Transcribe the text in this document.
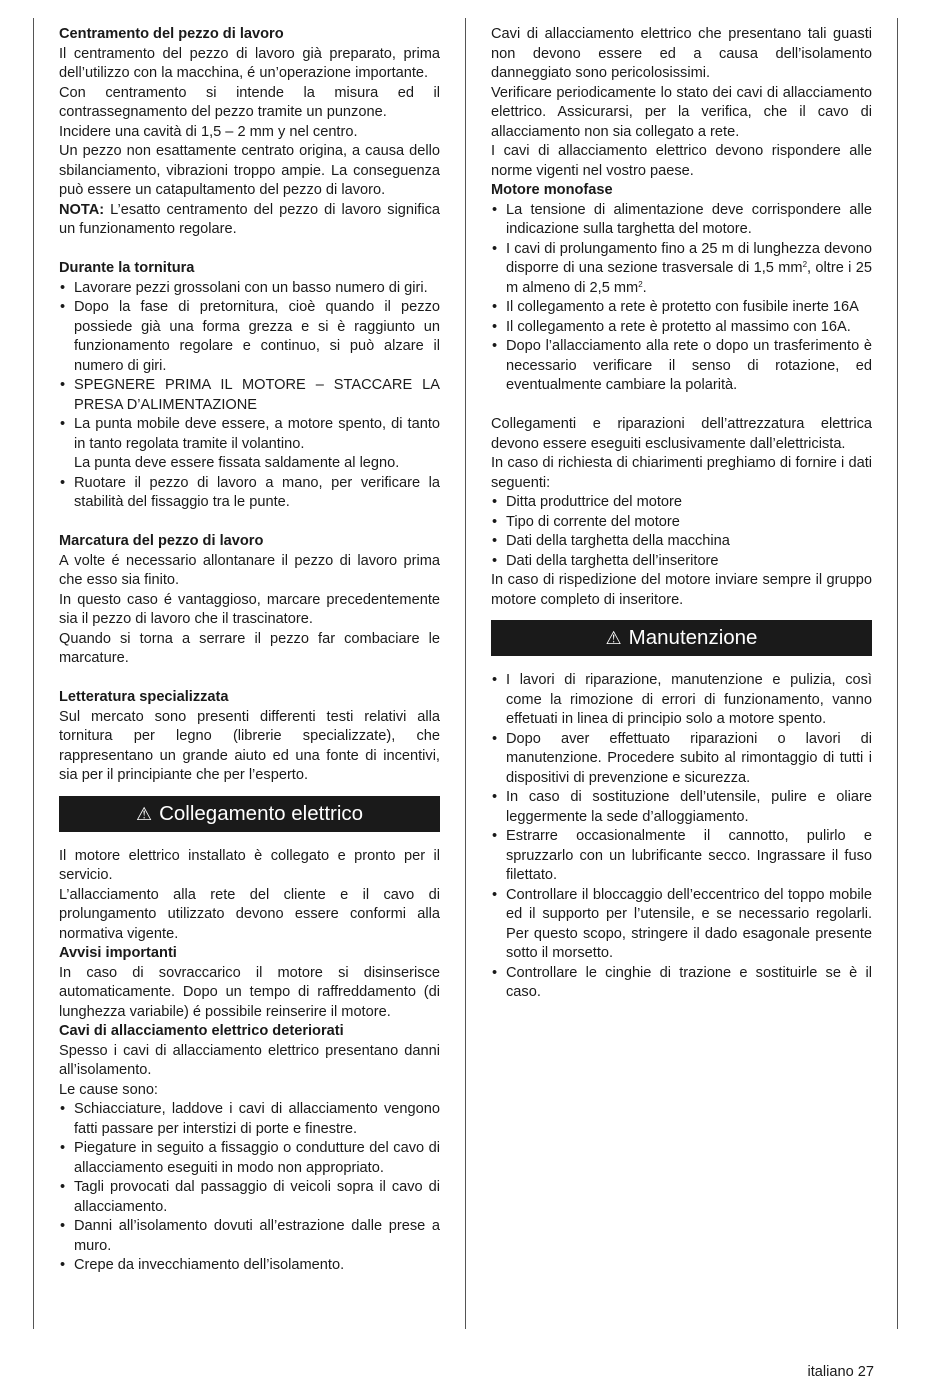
Centramento del pezzo di lavoro

Il centramento del pezzo di lavoro già preparato, prima dell’utilizzo con la macchina, é un’operazione importante.

Con centramento si intende la misura ed il contrassegnamento del pezzo tramite un punzone.

Incidere una cavità di 1,5 – 2 mm y nel centro.

Un pezzo non esattamente centrato origina, a causa dello sbilanciamento, vibrazioni troppo ampie. La conseguenza può essere un catapultamento del pezzo di lavoro.

NOTA: L’esatto centramento del pezzo di lavoro significa un funzionamento regolare.

Durante la tornitura
• Lavorare pezzi grossolani con un basso numero di giri.
• Dopo la fase di pretornitura, cioè quando il pezzo possiede già una forma grezza e si è raggiunto un funzionamento regolare e continuo, si può alzare il numero di giri.
• SPEGNERE PRIMA IL MOTORE – STACCARE LA PRESA D’ALIMENTAZIONE
• La punta mobile deve essere, a motore spento, di tanto in tanto regolata tramite il volantino.
La punta deve essere fissata saldamente al legno.
• Ruotare il pezzo di lavoro a mano, per verificare la stabilità del fissaggio tra le punte.
Marcatura del pezzo di lavoro

A volte é necessario allontanare il pezzo di lavoro prima che esso sia finito.

In questo caso é vantaggioso, marcare precedentemente sia il pezzo di lavoro che il trascinatore.

Quando si torna a serrare il pezzo far combaciare le marcature.

Letteratura specializzata

Sul mercato sono presenti differenti testi relativi alla tornitura per legno (librerie specializzate), che rappresentano un grande aiuto ed una fonte di incentivi, sia per il principiante che per l’esperto.

⚠ Collegamento elettrico

Il motore elettrico installato è collegato e pronto per il servicio.

L’allacciamento alla rete del cliente e il cavo di prolungamento utilizzato devono essere conformi alla normativa vigente.

Avvisi importanti

In caso di sovraccarico il motore si disinserisce automaticamente. Dopo un tempo di raffreddamento (di lunghezza variabile) é possibile reinserire il motore.

Cavi di allacciamento elettrico deteriorati

Spesso i cavi di allacciamento elettrico presentano danni all’isolamento.

Le cause sono:

• Schiacciature, laddove i cavi di allacciamento vengono fatti passare per interstizi di porte e finestre.
• Piegature in seguito a fissaggio o condutture del cavo di allacciamento eseguiti in modo non appropriato.
• Tagli provocati dal passaggio di veicoli sopra il cavo di allacciamento.
• Danni all’isolamento dovuti all’estrazione dalle prese a muro.
• Crepe da invecchiamento dell’isolamento.

Cavi di allacciamento elettrico che presentano tali guasti non devono essere ed a causa dell’isolamento danneggiato sono pericolosissimi.

Verificare periodicamente lo stato dei cavi di allacciamento elettrico. Assicurarsi, per la verifica, che il cavo di allacciamento non sia collegato a rete.

I cavi di allacciamento elettrico devono rispondere alle norme vigenti nel vostro paese.

Motore monofase
• La tensione di alimentazione deve corrispondere alle indicazione sulla targhetta del motore.
• I cavi di prolungamento fino a 25 m di lunghezza devono disporre di una sezione trasversale di 1,5 $mm^2$, oltre i 25 m almeno di 2,5 $mm^2$.
• Il collegamento a rete è protetto con fusibile inerte 16A
• Il collegamento a rete è protetto al massimo con 16A.
• Dopo l’allacciamento alla rete o dopo un trasferimento è necessario verificare il senso di rotazione, ed eventualmente cambiare la polarità.

Collegamenti e riparazioni dell’attrezzatura elettrica devono essere eseguiti esclusivamente dall’elettricista.

In caso di richiesta di chiarimenti preghiamo di fornire i dati seguenti:

• Ditta produttrice del motore
• Tipo di corrente del motore
• Dati della targhetta della macchina
• Dati della targhetta dell’inseritore

In caso di rispedizione del motore inviare sempre il gruppo motore completo di inseritore.

⚠ Manutenzione
• I lavori di riparazione, manutenzione e pulizia, così come la rimozione di errori di funzionamento, vanno effetuati in linea di principio solo a motore spento.
• Dopo aver effettuato riparazioni o lavori di manutenzione. Procedere subito al rimontaggio di tutti i dispositivi di prevenzione e sicurezza.
• In caso di sostituzione dell’utensile, pulire e oliare leggermente la sede d’alloggiamento.
• Estrarre occasionalmente il cannotto, pulirlo e spruzzarlo con un lubrificante secco. Ingrassare il fuso filettato.
• Controllare il bloccaggio dell’eccentrico del toppo mobile ed il supporto per l’utensile, e se necessario regolarli. Per questo scopo, stringere il dado esagonale presente sotto il morsetto.
• Controllare le cinghie di trazione e sostituirle se è il caso.
italiano 27
